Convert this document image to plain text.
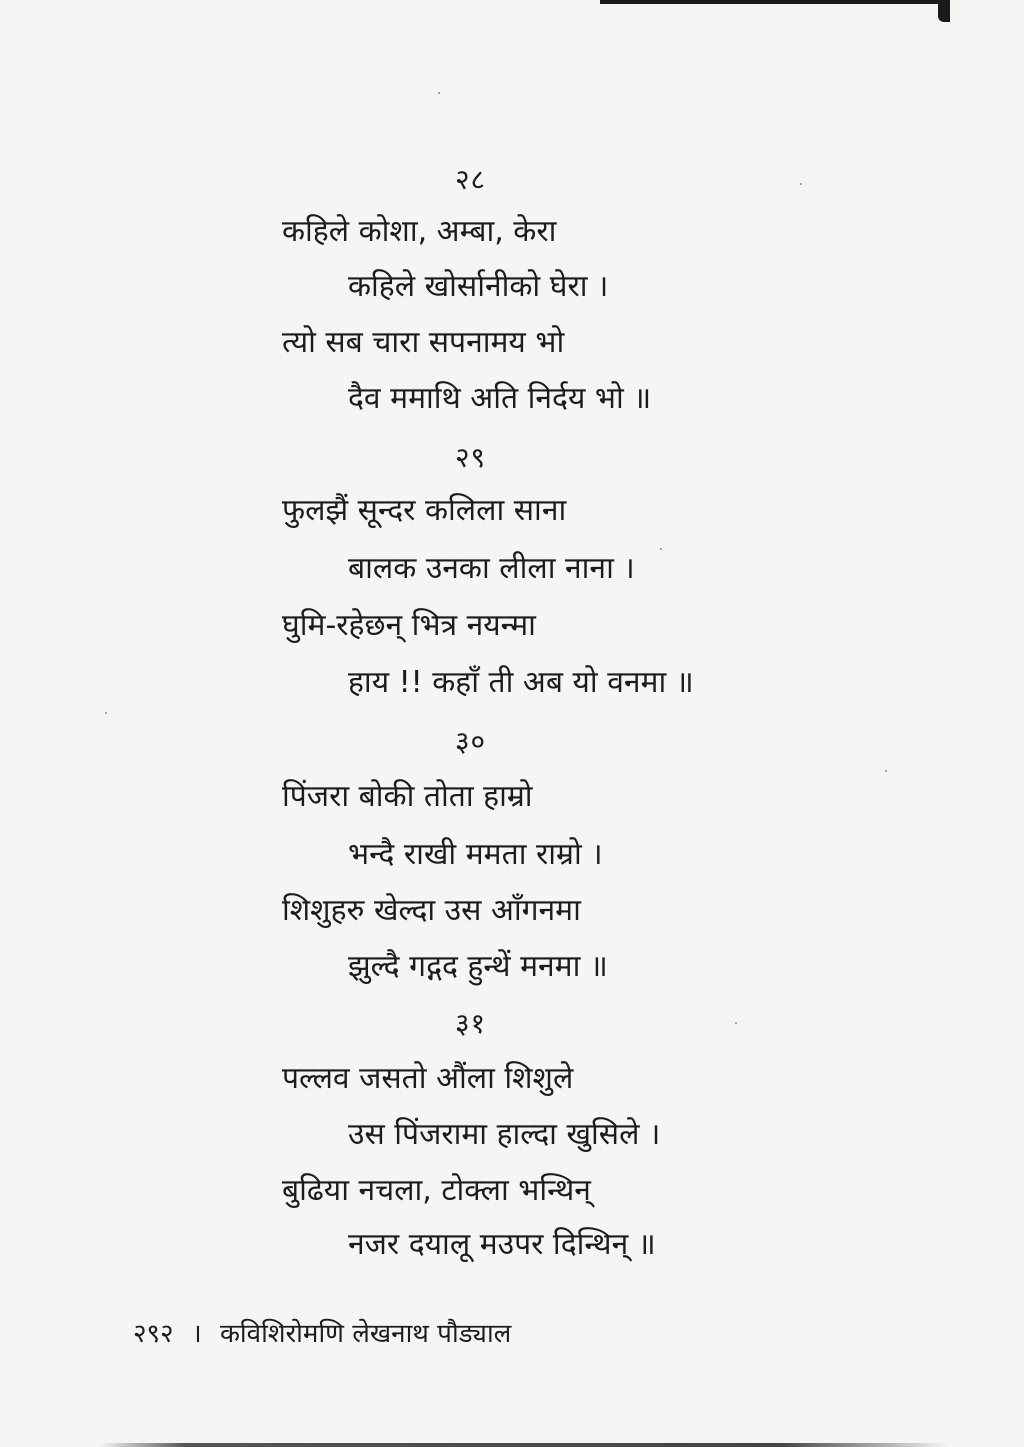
२८
कहिले कोशा, अम्बा, केरा
कहिले खोर्सानीको घेरा ।
त्यो सब चारा सपनामय भो
दैव ममाथि अति निर्दय भो ॥
२९
फुलझैं सून्दर कलिला साना
बालक उनका लीला नाना ।
घुमि-रहेछन् भित्र नयन्मा
हाय !! कहाँ ती अब यो वनमा ॥
३०
पिंजरा बोकी तोता हाम्रो
भन्दै राखी ममता राम्रो ।
शिशुहरु खेल्दा उस आँगनमा
झुल्दै गद्गद हुन्थें मनमा ॥
३१
पल्लव जसतो औंला शिशुले
उस पिंजरामा हाल्दा खुसिले ।
बुढिया नचला, टोक्ला भन्थिन्
नजर दयालू मउपर दिन्थिन् ॥
२९२ । कविशिरोमणि लेखनाथ पौड्याल
